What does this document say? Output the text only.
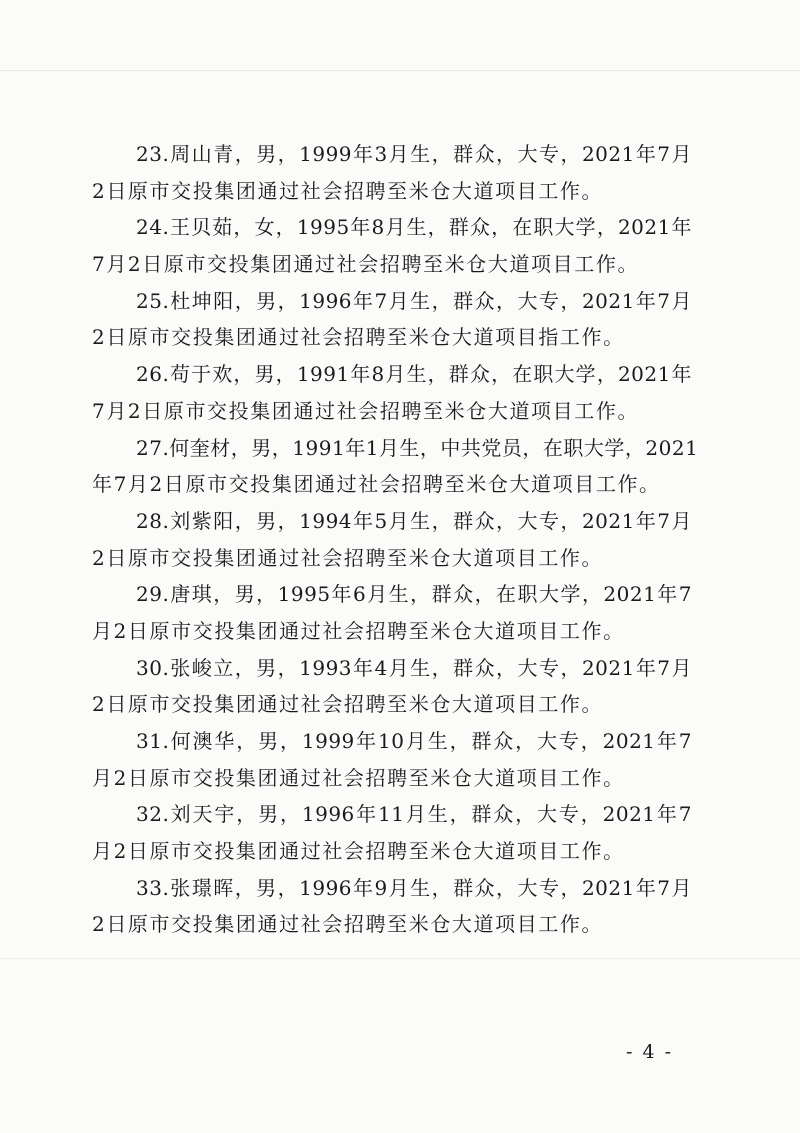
23.周山青，男，1999年3月生，群众，大专，2021年7月
2日原市交投集团通过社会招聘至米仓大道项目工作。
24.王贝茹，女，1995年8月生，群众，在职大学，2021年
7月2日原市交投集团通过社会招聘至米仓大道项目工作。
25.杜坤阳，男，1996年7月生，群众，大专，2021年7月
2日原市交投集团通过社会招聘至米仓大道项目指工作。
26.苟于欢，男，1991年8月生，群众，在职大学，2021年
7月2日原市交投集团通过社会招聘至米仓大道项目工作。
27.何奎材，男，1991年1月生，中共党员，在职大学，2021
年7月2日原市交投集团通过社会招聘至米仓大道项目工作。
28.刘紫阳，男，1994年5月生，群众，大专，2021年7月
2日原市交投集团通过社会招聘至米仓大道项目工作。
29.唐琪，男，1995年6月生，群众，在职大学，2021年7
月2日原市交投集团通过社会招聘至米仓大道项目工作。
30.张峻立，男，1993年4月生，群众，大专，2021年7月
2日原市交投集团通过社会招聘至米仓大道项目工作。
31.何澳华，男，1999年10月生，群众，大专，2021年7
月2日原市交投集团通过社会招聘至米仓大道项目工作。
32.刘天宇，男，1996年11月生，群众，大专，2021年7
月2日原市交投集团通过社会招聘至米仓大道项目工作。
33.张璟晖，男，1996年9月生，群众，大专，2021年7月
2日原市交投集团通过社会招聘至米仓大道项目工作。
- 4 -
